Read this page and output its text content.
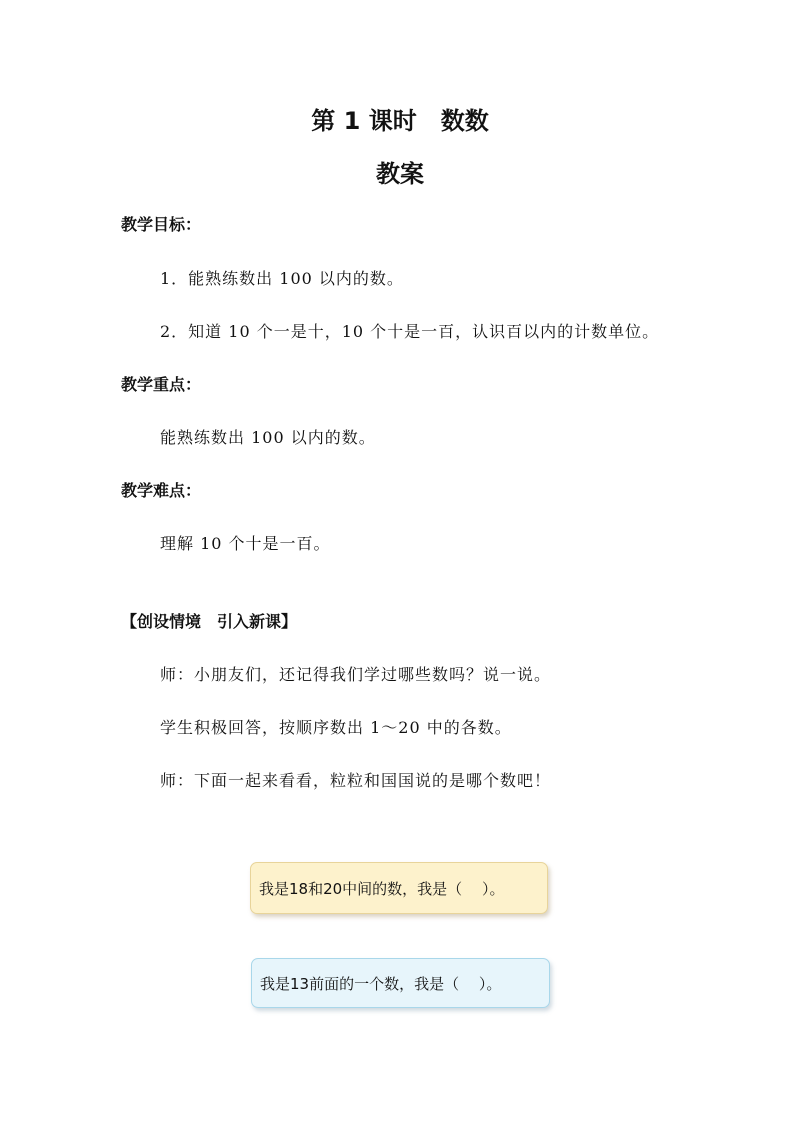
第 1 课时　数数
教案
教学目标：
1．能熟练数出 100 以内的数。
2．知道 10 个一是十，10 个十是一百，认识百以内的计数单位。
教学重点：
能熟练数出 100 以内的数。
教学难点：
理解 10 个十是一百。
【创设情境　引入新课】
师：小朋友们，还记得我们学过哪些数吗？说一说。
学生积极回答，按顺序数出 1～20 中的各数。
师：下面一起来看看，粒粒和国国说的是哪个数吧！
我是18和20中间的数，我是（　 ）。
我是13前面的一个数，我是（　 ）。
